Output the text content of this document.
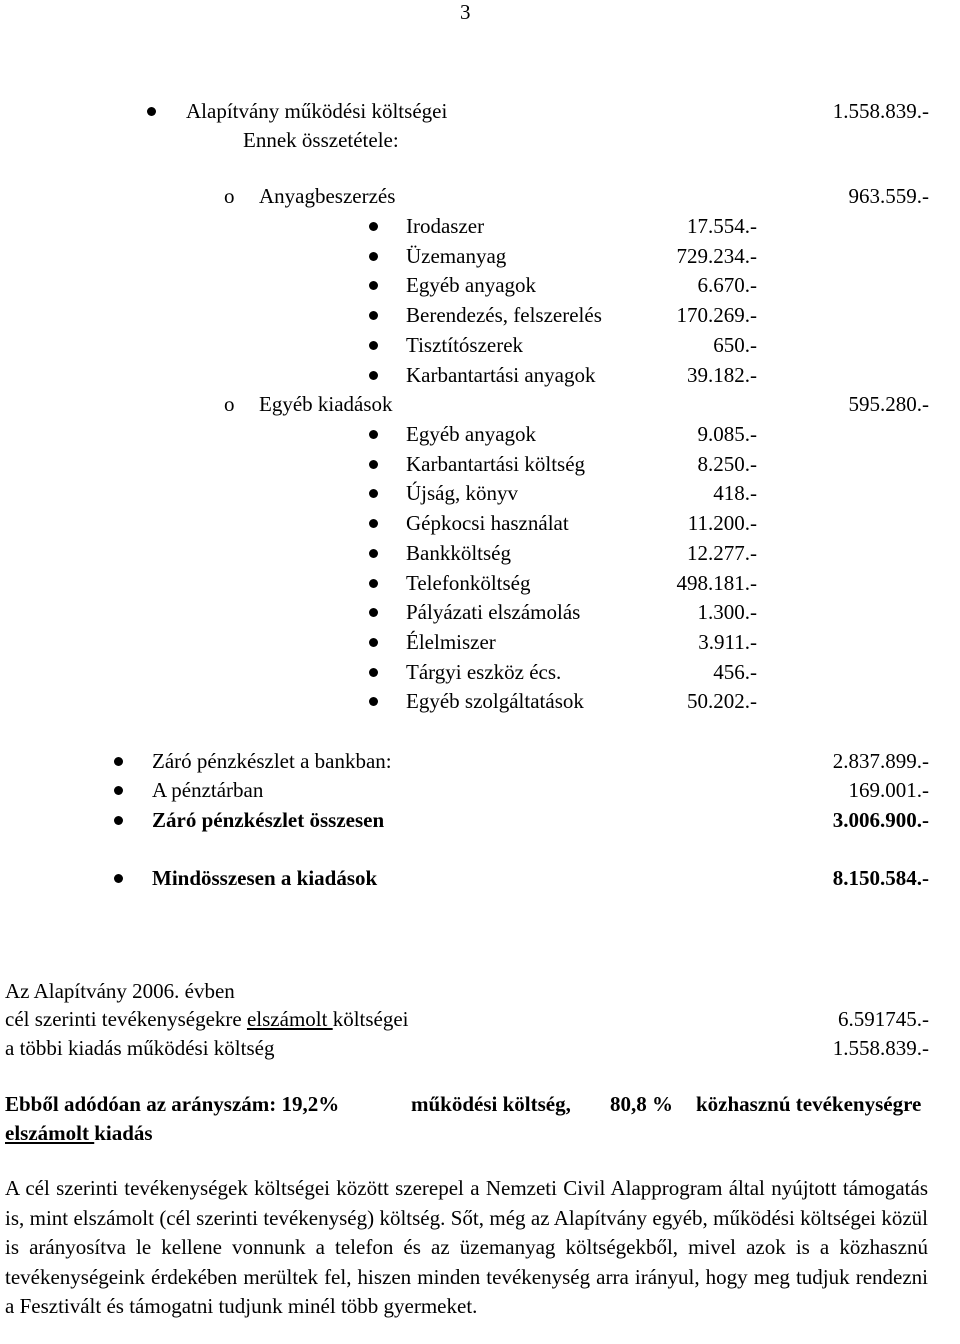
3
Alapítvány működési költségei	1.558.839.-
Ennek összetétele:
o Anyagbeszerzés	963.559.-
Irodaszer	17.554.-
Üzemanyag	729.234.-
Egyéb anyagok	6.670.-
Berendezés, felszerelés	170.269.-
Tisztítószerek	650.-
Karbantartási anyagok	39.182.-
o Egyéb kiadások	595.280.-
Egyéb anyagok	9.085.-
Karbantartási költség	8.250.-
Újság, könyv	418.-
Gépkocsi használat	11.200.-
Bankköltség	12.277.-
Telefonköltség	498.181.-
Pályázati elszámolás	1.300.-
Élelmiszer	3.911.-
Tárgyi eszköz écs.	456.-
Egyéb szolgáltatások	50.202.-
Záró pénzkészlet a bankban:	2.837.899.-
A pénztárban	169.001.-
Záró pénzkészlet összesen	3.006.900.-
Mindösszesen a kiadások	8.150.584.-
Az Alapítvány 2006. évben
cél szerinti tevékenységekre elszámolt költségei	6.591745.-
a többi kiadás működési költség	1.558.839.-
Ebből adódóan az arányszám: 19,2%	működési költség, 80,8 % közhasznú tevékenységre
elszámolt kiadás
A cél szerinti tevékenységek költségei között szerepel a Nemzeti Civil Alapprogram által nyújtott támogatás is, mint elszámolt (cél szerinti tevékenység) költség. Sőt, még az Alapítvány egyéb, működési költségei közül is arányosítva le kellene vonnunk a telefon és az üzemanyag költségekből, mivel azok is a közhasznú tevékenységeink érdekében merültek fel, hiszen minden tevékenység arra irányul, hogy meg tudjuk rendezni a Fesztivált és támogatni tudjunk minél több gyermeket.
